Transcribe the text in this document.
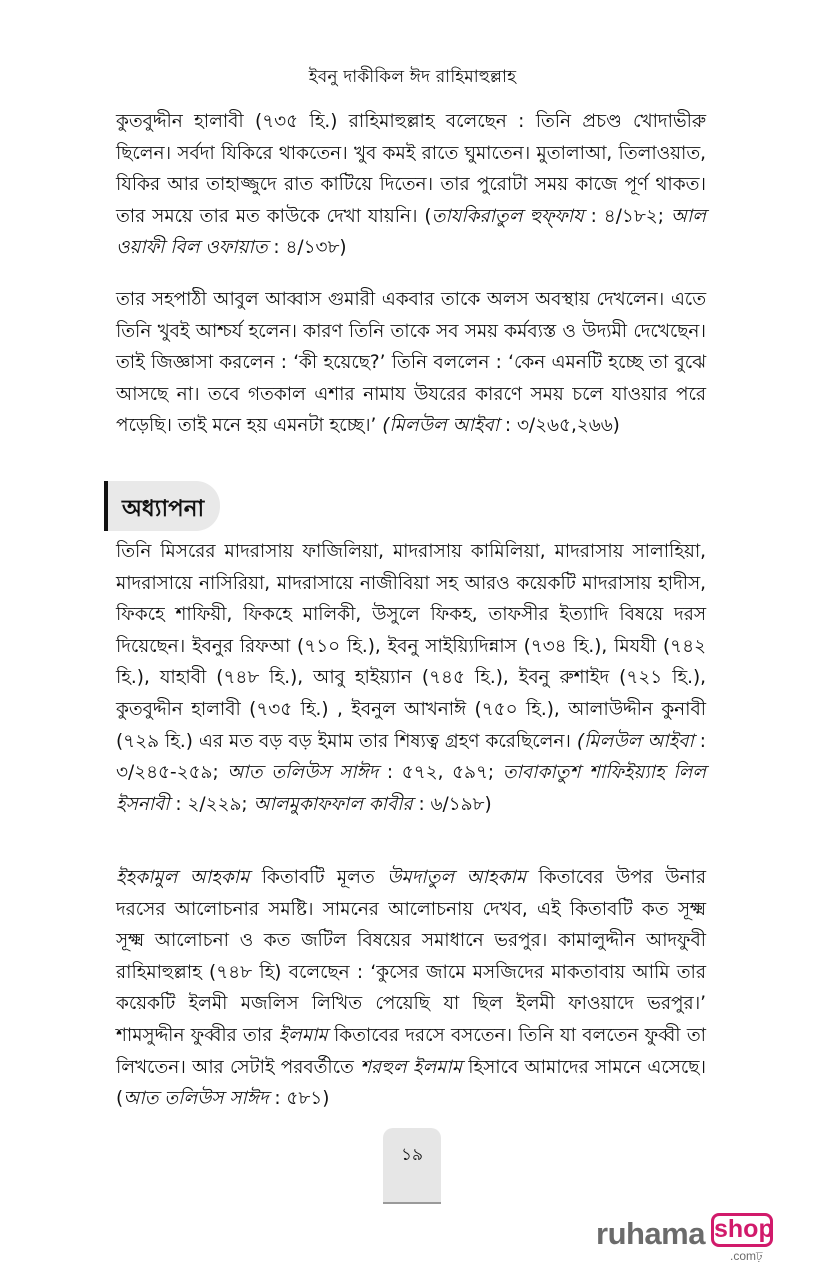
ইবনু দাকীকিল ঈদ রাহিমাহুল্লাহ

কুতবুদ্দীন হালাবী (৭৩৫ হি.) রাহিমাহুল্লাহ বলেছেন : তিনি প্রচণ্ড খোদাভীরু ছিলেন। সর্বদা যিকিরে থাকতেন। খুব কমই রাতে ঘুমাতেন। মুতালাআ, তিলাওয়াত, যিকির আর তাহাজ্জুদে রাত কাটিয়ে দিতেন। তার পুরোটা সময় কাজে পূর্ণ থাকত। তার সময়ে তার মত কাউকে দেখা যায়নি। (তাযকিরাতুল হুফ্ফায : ৪/১৮২; আল ওয়াফী বিল ওফায়াত : ৪/১৩৮)

তার সহপাঠী আবুল আব্বাস গুমারী একবার তাকে অলস অবস্থায় দেখলেন। এতে তিনি খুবই আশ্চর্য হলেন। কারণ তিনি তাকে সব সময় কর্মব্যস্ত ও উদ্যমী দেখেছেন। তাই জিজ্ঞাসা করলেন : ‘কী হয়েছে?’ তিনি বললেন : ‘কেন এমনটি হচ্ছে তা বুঝে আসছে না। তবে গতকাল এশার নামায উযরের কারণে সময় চলে যাওয়ার পরে পড়েছি। তাই মনে হয় এমনটা হচ্ছে।’ (মিলউল আইবা : ৩/২৬৫,২৬৬)

অধ্যাপনা

তিনি মিসরের মাদরাসায় ফাজিলিয়া, মাদরাসায় কামিলিয়া, মাদরাসায় সালাহিয়া, মাদরাসায়ে নাসিরিয়া, মাদরাসায়ে নাজীবিয়া সহ আরও কয়েকটি মাদরাসায় হাদীস, ফিকহে শাফিয়ী, ফিকহে মালিকী, উসুলে ফিকহ, তাফসীর ইত্যাদি বিষয়ে দরস দিয়েছেন। ইবনুর রিফআ (৭১০ হি.), ইবনু সাইয়্যিদিন্নাস (৭৩৪ হি.), মিযযী (৭৪২ হি.), যাহাবী (৭৪৮ হি.), আবু হাইয়্যান (৭৪৫ হি.), ইবনু রুশাইদ (৭২১ হি.), কুতবুদ্দীন হালাবী (৭৩৫ হি.) , ইবনুল আখনাঈ (৭৫০ হি.), আলাউদ্দীন কুনাবী (৭২৯ হি.) এর মত বড় বড় ইমাম তার শিষ্যত্ব গ্রহণ করেছিলেন। (মিলউল আইবা : ৩/২৪৫-২৫৯; আত তলিউস সাঈদ : ৫৭২, ৫৯৭; তাবাকাতুশ শাফিইয়্যাহ লিল ইসনাবী : ২/২২৯; আলমুকাফফাল কাবীর : ৬/১৯৮)

ইহকামুল আহকাম কিতাবটি মূলত উমদাতুল আহকাম কিতাবের উপর উনার দরসের আলোচনার সমষ্টি। সামনের আলোচনায় দেখব, এই কিতাবটি কত সূক্ষ্ম সূক্ষ্ম আলোচনা ও কত জটিল বিষয়ের সমাধানে ভরপুর। কামালুদ্দীন আদফুবী রাহিমাহুল্লাহ (৭৪৮ হি) বলেছেন : ‘কুসের জামে মসজিদের মাকতাবায় আমি তার কয়েকটি ইলমী মজলিস লিখিত পেয়েছি যা ছিল ইলমী ফাওয়াদে ভরপুর।’ শামসুদ্দীন ফুব্বীর তার ইলমাম কিতাবের দরসে বসতেন। তিনি যা বলতেন ফুব্বী তা লিখতেন। আর সেটাই পরবর্তীতে শরহুল ইলমাম হিসাবে আমাদের সামনে এসেছে। (আত তলিউস সাঈদ : ৫৮১)

১৯
ruhama shop
.comঢ়
